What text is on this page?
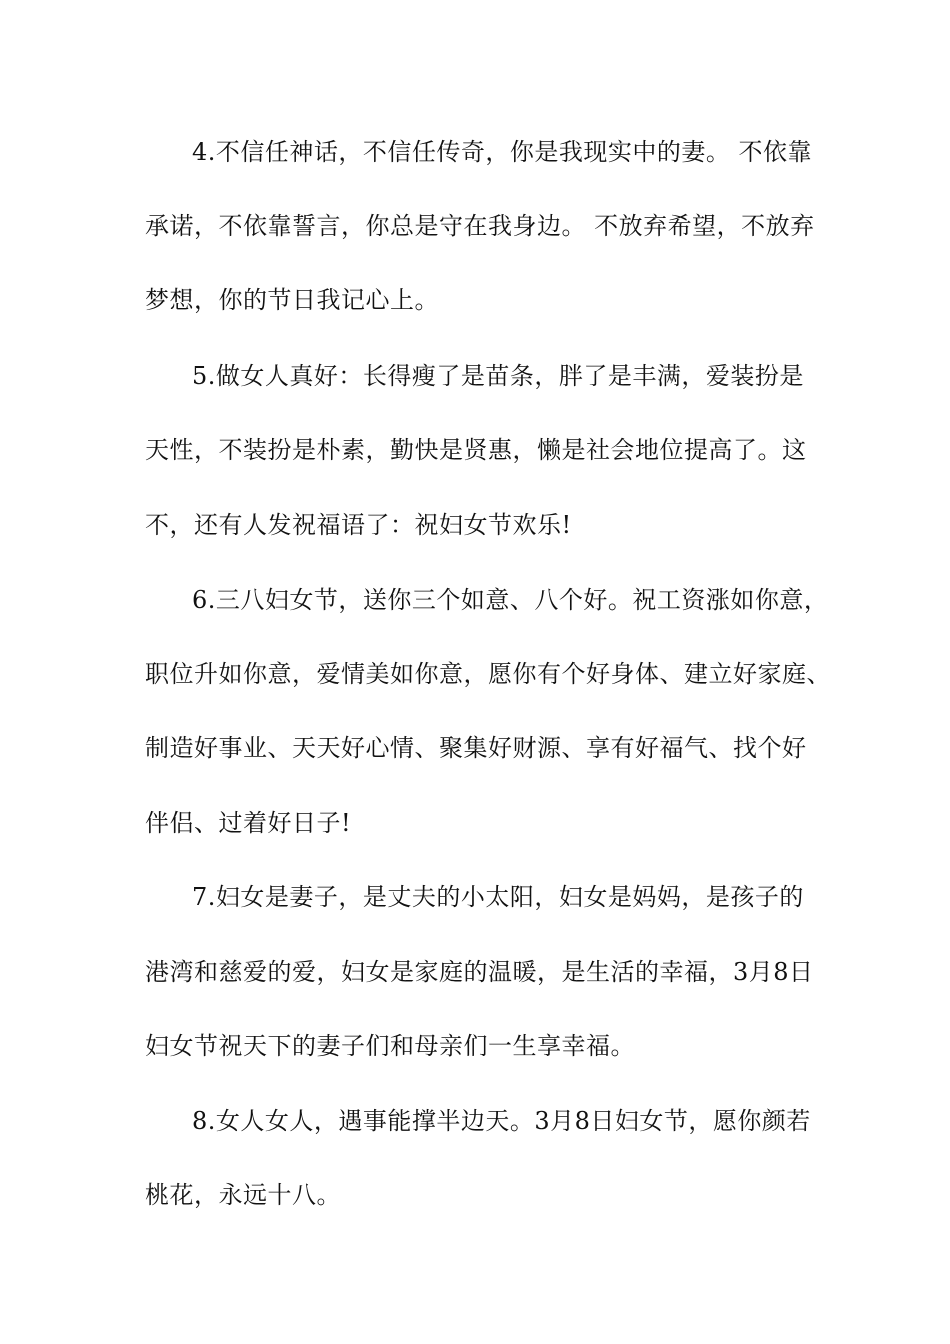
4.不信任神话，不信任传奇，你是我现实中的妻。 不依靠
承诺，不依靠誓言，你总是守在我身边。 不放弃希望，不放弃
梦想，你的节日我记心上。
5.做女人真好：长得瘦了是苗条，胖了是丰满，爱装扮是
天性，不装扮是朴素，勤快是贤惠，懒是社会地位提高了。这
不，还有人发祝福语了：祝妇女节欢乐!
6.三八妇女节，送你三个如意、八个好。祝工资涨如你意，
职位升如你意，爱情美如你意，愿你有个好身体、建立好家庭、
制造好事业、天天好心情、聚集好财源、享有好福气、找个好
伴侣、过着好日子!
7.妇女是妻子，是丈夫的小太阳，妇女是妈妈，是孩子的
港湾和慈爱的爱，妇女是家庭的温暖，是生活的幸福，3月8日
妇女节祝天下的妻子们和母亲们一生享幸福。
8.女人女人，遇事能撑半边天。3月8日妇女节，愿你颜若
桃花，永远十八。
